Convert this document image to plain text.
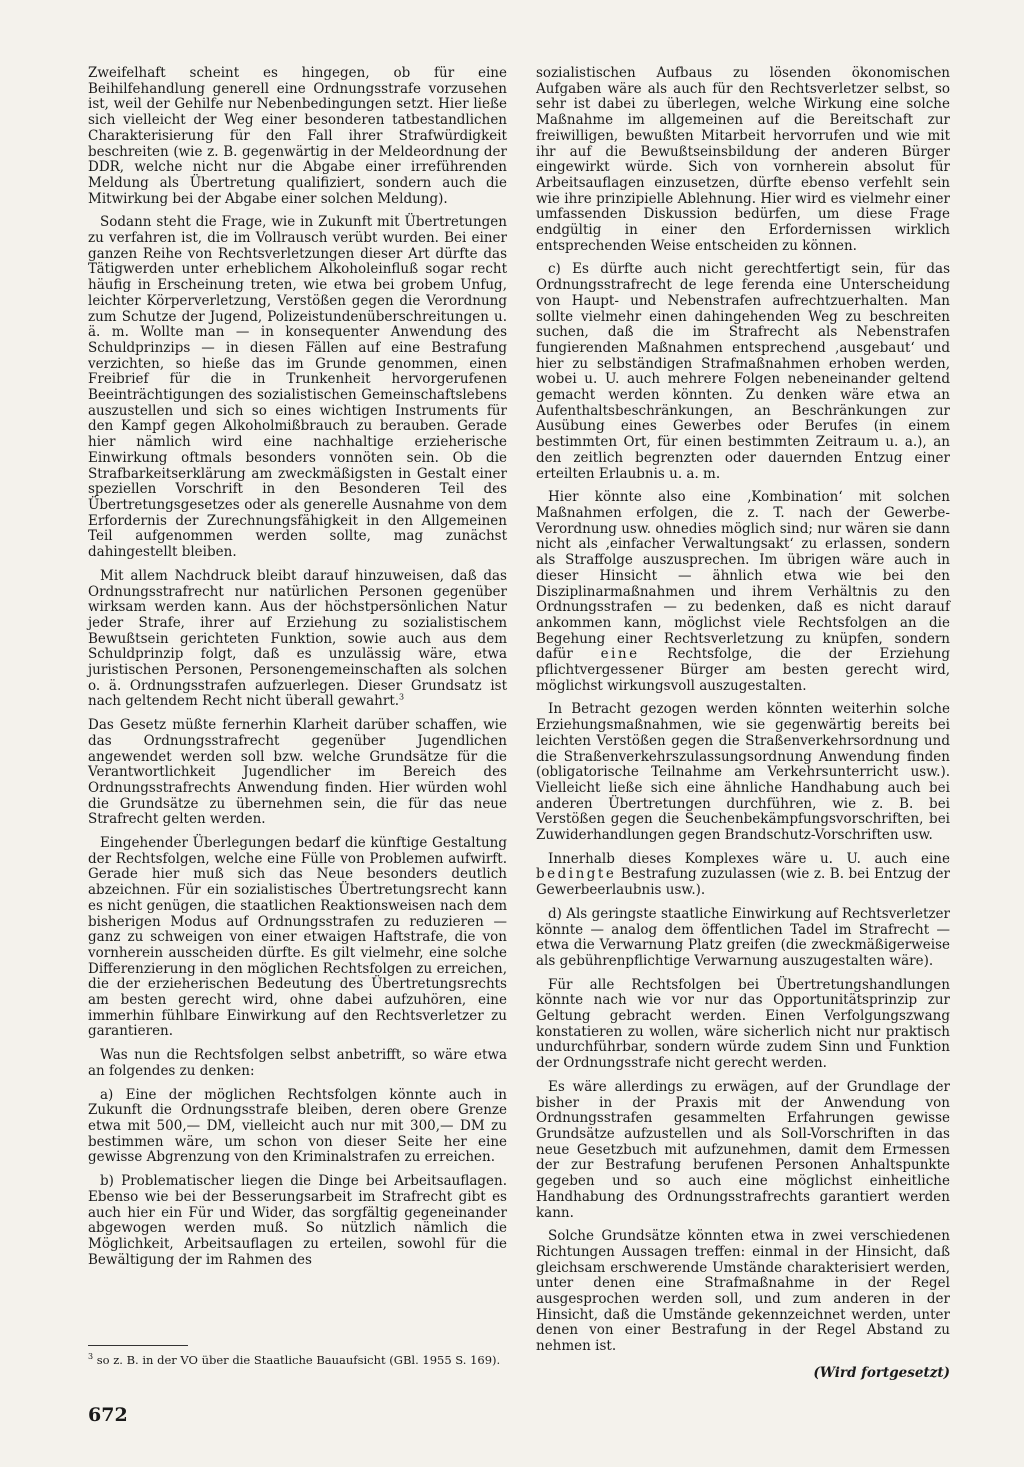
Zweifelhaft scheint es hingegen, ob für eine Beihilfehandlung generell eine Ordnungsstrafe vorzusehen ist, weil der Gehilfe nur Nebenbedingungen setzt. Hier ließe sich vielleicht der Weg einer besonderen tatbestandlichen Charakterisierung für den Fall ihrer Strafwürdigkeit beschreiten (wie z. B. gegenwärtig in der Meldeordnung der DDR, welche nicht nur die Abgabe einer irreführenden Meldung als Übertretung qualifiziert, sondern auch die Mitwirkung bei der Abgabe einer solchen Meldung).

Sodann steht die Frage, wie in Zukunft mit Übertretungen zu verfahren ist, die im Vollrausch verübt wurden. Bei einer ganzen Reihe von Rechtsverletzungen dieser Art dürfte das Tätigwerden unter erheblichem Alkoholeinfluß sogar recht häufig in Erscheinung treten, wie etwa bei grobem Unfug, leichter Körperverletzung, Verstößen gegen die Verordnung zum Schutze der Jugend, Polizeistundenüberschreitungen u. ä. m. Wollte man — in konsequenter Anwendung des Schuldprinzips — in diesen Fällen auf eine Bestrafung verzichten, so hieße das im Grunde genommen, einen Freibrief für die in Trunkenheit hervorgerufenen Beeinträchtigungen des sozialistischen Gemeinschaftslebens auszustellen und sich so eines wichtigen Instruments für den Kampf gegen Alkoholmißbrauch zu berauben. Gerade hier nämlich wird eine nachhaltige erzieherische Einwirkung oftmals besonders vonnöten sein. Ob die Strafbarkeitserklärung am zweckmäßigsten in Gestalt einer speziellen Vorschrift in den Besonderen Teil des Übertretungsgesetzes oder als generelle Ausnahme von dem Erfordernis der Zurechnungsfähigkeit in den Allgemeinen Teil aufgenommen werden sollte, mag zunächst dahingestellt bleiben.

Mit allem Nachdruck bleibt darauf hinzuweisen, daß das Ordnungsstrafrecht nur natürlichen Personen gegenüber wirksam werden kann. Aus der höchstpersönlichen Natur jeder Strafe, ihrer auf Erziehung zu sozialistischem Bewußtsein gerichteten Funktion, sowie auch aus dem Schuldprinzip folgt, daß es unzulässig wäre, etwa juristischen Personen, Personengemeinschaften als solchen o. ä. Ordnungsstrafen aufzuerlegen. Dieser Grundsatz ist nach geltendem Recht nicht überall gewahrt.$^3$

Das Gesetz müßte fernerhin Klarheit darüber schaffen, wie das Ordnungsstrafrecht gegenüber Jugendlichen angewendet werden soll bzw. welche Grundsätze für die Verantwortlichkeit Jugendlicher im Bereich des Ordnungsstrafrechts Anwendung finden. Hier würden wohl die Grundsätze zu übernehmen sein, die für das neue Strafrecht gelten werden.

Eingehender Überlegungen bedarf die künftige Gestaltung der Rechtsfolgen, welche eine Fülle von Problemen aufwirft. Gerade hier muß sich das Neue besonders deutlich abzeichnen. Für ein sozialistisches Übertretungsrecht kann es nicht genügen, die staatlichen Reaktionsweisen nach dem bisherigen Modus auf Ordnungsstrafen zu reduzieren — ganz zu schweigen von einer etwaigen Haftstrafe, die von vornherein ausscheiden dürfte. Es gilt vielmehr, eine solche Differenzierung in den möglichen Rechtsfolgen zu erreichen, die der erzieherischen Bedeutung des Übertretungsrechts am besten gerecht wird, ohne dabei aufzuhören, eine immerhin fühlbare Einwirkung auf den Rechtsverletzer zu garantieren.

Was nun die Rechtsfolgen selbst anbetrifft, so wäre etwa an folgendes zu denken:

a) Eine der möglichen Rechtsfolgen könnte auch in Zukunft die Ordnungsstrafe bleiben, deren obere Grenze etwa mit 500,— DM, vielleicht auch nur mit 300,— DM zu bestimmen wäre, um schon von dieser Seite her eine gewisse Abgrenzung von den Kriminalstrafen zu erreichen.

b) Problematischer liegen die Dinge bei Arbeitsauflagen. Ebenso wie bei der Besserungsarbeit im Strafrecht gibt es auch hier ein Für und Wider, das sorgfältig gegeneinander abgewogen werden muß. So nützlich nämlich die Möglichkeit, Arbeitsauflagen zu erteilen, sowohl für die Bewältigung der im Rahmen des

sozialistischen Aufbaus zu lösenden ökonomischen Aufgaben wäre als auch für den Rechtsverletzer selbst, so sehr ist dabei zu überlegen, welche Wirkung eine solche Maßnahme im allgemeinen auf die Bereitschaft zur freiwilligen, bewußten Mitarbeit hervorrufen und wie mit ihr auf die Bewußtseinsbildung der anderen Bürger eingewirkt würde. Sich von vornherein absolut für Arbeitsauflagen einzusetzen, dürfte ebenso verfehlt sein wie ihre prinzipielle Ablehnung. Hier wird es vielmehr einer umfassenden Diskussion bedürfen, um diese Frage endgültig in einer den Erfordernissen wirklich entsprechenden Weise entscheiden zu können.

c) Es dürfte auch nicht gerechtfertigt sein, für das Ordnungsstrafrecht de lege ferenda eine Unterscheidung von Haupt- und Nebenstrafen aufrechtzuerhalten. Man sollte vielmehr einen dahingehenden Weg zu beschreiten suchen, daß die im Strafrecht als Nebenstrafen fungierenden Maßnahmen entsprechend ‚ausgebaut‘ und hier zu selbständigen Strafmaßnahmen erhoben werden, wobei u. U. auch mehrere Folgen nebeneinander geltend gemacht werden könnten. Zu denken wäre etwa an Aufenthaltsbeschränkungen, an Beschränkungen zur Ausübung eines Gewerbes oder Berufes (in einem bestimmten Ort, für einen bestimmten Zeitraum u. a.), an den zeitlich begrenzten oder dauernden Entzug einer erteilten Erlaubnis u. a. m.

Hier könnte also eine ‚Kombination‘ mit solchen Maßnahmen erfolgen, die z. T. nach der Gewerbe-Verordnung usw. ohnedies möglich sind; nur wären sie dann nicht als ‚einfacher Verwaltungsakt‘ zu erlassen, sondern als Straffolge auszusprechen. Im übrigen wäre auch in dieser Hinsicht — ähnlich etwa wie bei den Disziplinarmaßnahmen und ihrem Verhältnis zu den Ordnungsstrafen — zu bedenken, daß es nicht darauf ankommen kann, möglichst viele Rechtsfolgen an die Begehung einer Rechtsverletzung zu knüpfen, sondern dafür eine Rechtsfolge, die der Erziehung pflichtvergessener Bürger am besten gerecht wird, möglichst wirkungsvoll auszugestalten.

In Betracht gezogen werden könnten weiterhin solche Erziehungsmaßnahmen, wie sie gegenwärtig bereits bei leichten Verstößen gegen die Straßenverkehrsordnung und die Straßenverkehrszulassungsordnung Anwendung finden (obligatorische Teilnahme am Verkehrsunterricht usw.). Vielleicht ließe sich eine ähnliche Handhabung auch bei anderen Übertretungen durchführen, wie z. B. bei Verstößen gegen die Seuchenbekämpfungsvorschriften, bei Zuwiderhandlungen gegen Brandschutz-Vorschriften usw.

Innerhalb dieses Komplexes wäre u. U. auch eine bedingte Bestrafung zuzulassen (wie z. B. bei Entzug der Gewerbeerlaubnis usw.).

d) Als geringste staatliche Einwirkung auf Rechtsverletzer könnte — analog dem öffentlichen Tadel im Strafrecht — etwa die Verwarnung Platz greifen (die zweckmäßigerweise als gebührenpflichtige Verwarnung auszugestalten wäre).

Für alle Rechtsfolgen bei Übertretungshandlungen könnte nach wie vor nur das Opportunitätsprinzip zur Geltung gebracht werden. Einen Verfolgungszwang konstatieren zu wollen, wäre sicherlich nicht nur praktisch undurchführbar, sondern würde zudem Sinn und Funktion der Ordnungsstrafe nicht gerecht werden.

Es wäre allerdings zu erwägen, auf der Grundlage der bisher in der Praxis mit der Anwendung von Ordnungsstrafen gesammelten Erfahrungen gewisse Grundsätze aufzustellen und als Soll-Vorschriften in das neue Gesetzbuch mit aufzunehmen, damit dem Ermessen der zur Bestrafung berufenen Personen Anhaltspunkte gegeben und so auch eine möglichst einheitliche Handhabung des Ordnungsstrafrechts garantiert werden kann.

Solche Grundsätze könnten etwa in zwei verschiedenen Richtungen Aussagen treffen: einmal in der Hinsicht, daß gleichsam erschwerende Umstände charakterisiert werden, unter denen eine Strafmaßnahme in der Regel ausgesprochen werden soll, und zum anderen in der Hinsicht, daß die Umstände gekennzeichnet werden, unter denen von einer Bestrafung in der Regel Abstand zu nehmen ist.

$^3$ so z. B. in der VO über die Staatliche Bauaufsicht (GBl. 1955 S. 169).
(Wird fortgesetzt)
672
